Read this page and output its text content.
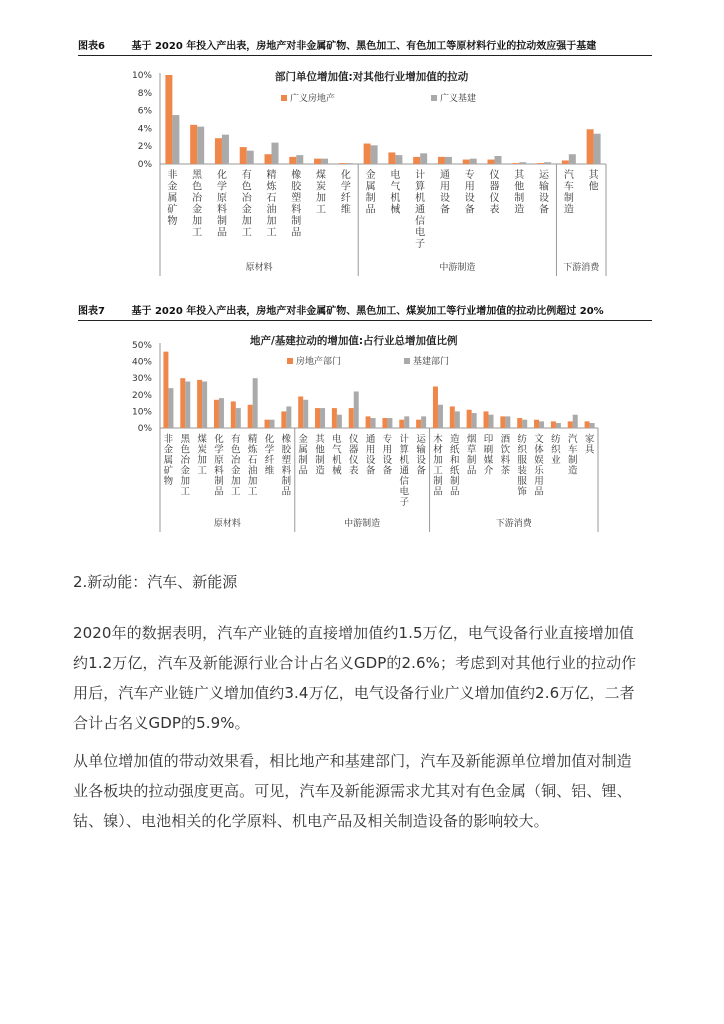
图表6	基于 2020 年投入产出表，房地产对非金属矿物、黑色加工、有色加工等原材料行业的拉动效应强于基建
部门单位增加值:对其他行业增加值的拉动
广义房地产	广义基建
10%
8%
6%
4%
2%
0%
非金属矿物
黑色冶金加工
化学原料制品
有色冶金加工
精炼石油加工
橡胶塑料制品
煤炭加工
化学纤维
金属制品
电气机械
计算机通信电子
通用设备
专用设备
仪器仪表
其他制造
运输设备
汽车制造
其他
原材料	中游制造	下游消费
图表7	基于 2020 年投入产出表，房地产对非金属矿物、黑色加工、煤炭加工等行业增加值的拉动比例超过 20%
地产/基建拉动的增加值:占行业总增加值比例
房地产部门	基建部门
50%
40%
30%
20%
10%
0%
非金属矿物
黑色冶金加工
煤炭加工
化学原料制品
有色冶金加工
精炼石油加工
化学纤维
橡胶塑料制品
金属制品
其他制造
电气机械
仪器仪表
通用设备
专用设备
计算机通信电子
运输设备
木材加工制品
造纸和纸制品
烟草制品
印刷媒介
酒饮料茶
纺织服装服饰
文体娱乐用品
纺织业
汽车制造
家具
原材料	中游制造	下游消费
2.新动能：汽车、新能源
2020年的数据表明，汽车产业链的直接增加值约1.5万亿，电气设备行业直接增加值
约1.2万亿，汽车及新能源行业合计占名义GDP的2.6%；考虑到对其他行业的拉动作
用后，汽车产业链广义增加值约3.4万亿，电气设备行业广义增加值约2.6万亿，二者
合计占名义GDP的5.9%。
从单位增加值的带动效果看，相比地产和基建部门，汽车及新能源单位增加值对制造
业各板块的拉动强度更高。可见，汽车及新能源需求尤其对有色金属（铜、铝、锂、
钴、镍）、电池相关的化学原料、机电产品及相关制造设备的影响较大。
